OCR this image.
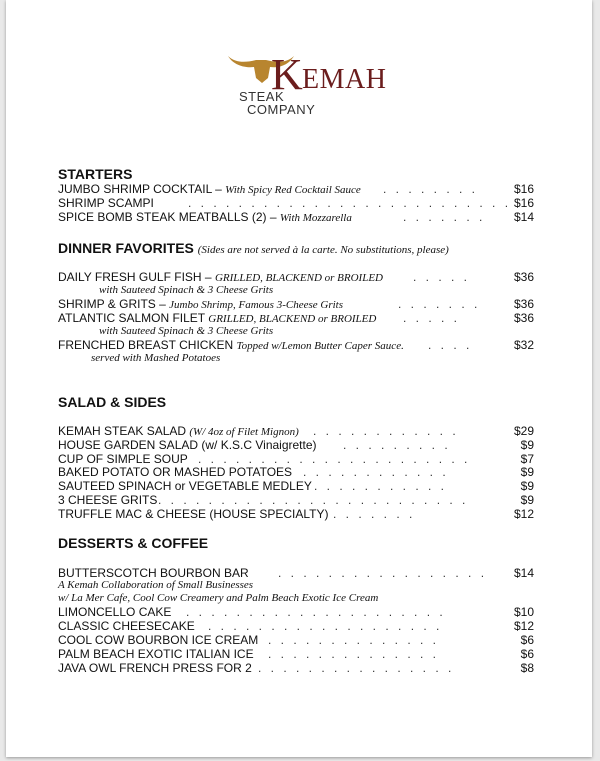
K EMAH
STEAK
COMPANY
STARTERS
JUMBO SHRIMP COCKTAIL – With Spicy Red Cocktail Sauce . . . . . . . .	$16
SHRIMP SCAMPI	. . . . . . . . . . . . . . . . . . . . . . . . . . $16
SPICE BOMB STEAK MEATBALLS (2) – With Mozzarella	. . . . . . . $14
DINNER FAVORITES (Sides are not served à la carte. No substitutions, please)
DAILY FRESH GULF FISH – GRILLED, BLACKEND or BROILED	. . . . .	$36
with Sauteed Spinach & 3 Cheese Grits
SHRIMP & GRITS – Jumbo Shrimp, Famous 3-Cheese Grits	. . . . . . .	$36
ATLANTIC SALMON FILET GRILLED, BLACKEND or BROILED . . . . .	$36
with Sauteed Spinach & 3 Cheese Grits
FRENCHED BREAST CHICKEN Topped w/Lemon Butter Caper Sauce. . . . .	$32
served with Mashed Potatoes
SALAD & SIDES
KEMAH STEAK SALAD (W/ 4oz of Filet Mignon) . . . . . . . . . . . .	$29
HOUSE GARDEN SALAD (w/ K.S.C Vinaigrette) . . . . . . . . .	$9
CUP OF SIMPLE SOUP . . . . . . . . . . . . . . . . . . . . . .	$7
BAKED POTATO OR MASHED POTATOES . . . . . . . . . . . .	$9
SAUTEED SPINACH or VEGETABLE MEDLEY . . . . . . . . . . .	$9
3 CHEESE GRITS . . . . . . . . . . . . . . . . . . . . . . . . .	$9
TRUFFLE MAC & CHEESE (HOUSE SPECIALTY) . . . . . . .	$12
DESSERTS & COFFEE
BUTTERSCOTCH BOURBON BAR . . . . . . . . . . . . . . . . . $14
A Kemah Collaboration of Small Businesses
w/ La Mer Cafe, Cool Cow Creamery and Palm Beach Exotic Ice Cream
LIMONCELLO CAKE . . . . . . . . . . . . . . . . . . . . .	$10
CLASSIC CHEESECAKE . . . . . . . . . . . . . . . . . . .	$12
COOL COW BOURBON ICE CREAM . . . . . . . . . . . . . .	$6
PALM BEACH EXOTIC ITALIAN ICE . . . . . . . . . . . . . .	$6
JAVA OWL FRENCH PRESS FOR 2 . . . . . . . . . . . . . . . .	$8
